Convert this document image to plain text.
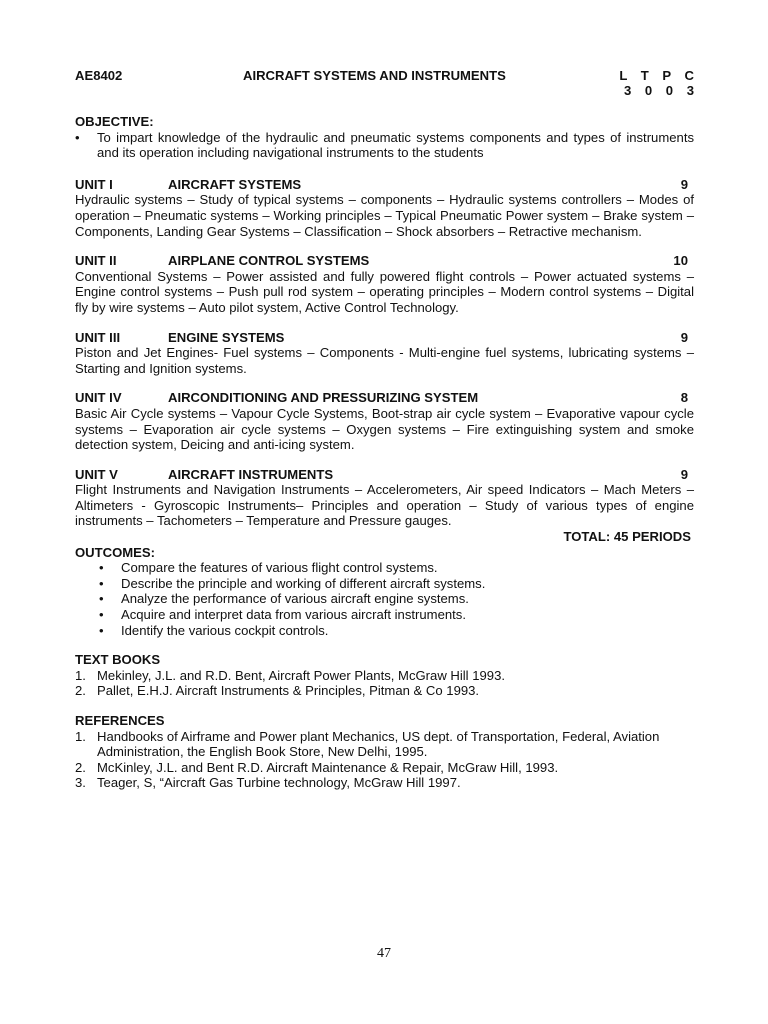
AE8402	AIRCRAFT SYSTEMS AND INSTRUMENTS	L T P C
3 0 0 3
OBJECTIVE:
•	To impart knowledge of the hydraulic and pneumatic systems components and types of instruments and its operation including navigational instruments to the students
UNIT I	AIRCRAFT SYSTEMS	9
Hydraulic systems – Study of typical systems – components – Hydraulic systems controllers – Modes of operation – Pneumatic systems – Working principles – Typical Pneumatic Power system – Brake system – Components, Landing Gear Systems – Classification – Shock absorbers – Retractive mechanism.
UNIT II	AIRPLANE CONTROL SYSTEMS	10
Conventional Systems – Power assisted and fully powered flight controls – Power actuated systems – Engine control systems – Push pull rod system – operating principles – Modern control systems – Digital fly by wire systems – Auto pilot system, Active Control Technology.
UNIT III	ENGINE SYSTEMS	9
Piston and Jet Engines- Fuel systems – Components - Multi-engine fuel systems, lubricating systems – Starting and Ignition systems.
UNIT IV	AIRCONDITIONING AND PRESSURIZING SYSTEM	8
Basic Air Cycle systems – Vapour Cycle Systems, Boot-strap air cycle system – Evaporative vapour cycle systems – Evaporation air cycle systems – Oxygen systems – Fire extinguishing system and smoke detection system, Deicing and anti-icing system.
UNIT V	AIRCRAFT INSTRUMENTS	9
Flight Instruments and Navigation Instruments – Accelerometers, Air speed Indicators – Mach Meters – Altimeters - Gyroscopic Instruments– Principles and operation – Study of various types of engine instruments – Tachometers – Temperature and Pressure gauges.
TOTAL: 45 PERIODS
OUTCOMES:
•	Compare the features of various flight control systems.
•	Describe the principle and working of different aircraft systems.
•	Analyze the performance of various aircraft engine systems.
•	Acquire and interpret data from various aircraft instruments.
•	Identify the various cockpit controls.
TEXT BOOKS
1. Mekinley, J.L. and R.D. Bent, Aircraft Power Plants, McGraw Hill 1993.
2. Pallet, E.H.J. Aircraft Instruments & Principles, Pitman & Co 1993.
REFERENCES
1. Handbooks of Airframe and Power plant Mechanics, US dept. of Transportation, Federal, Aviation Administration, the English Book Store, New Delhi, 1995.
2. McKinley, J.L. and Bent R.D. Aircraft Maintenance & Repair, McGraw Hill, 1993.
3. Teager, S, “Aircraft Gas Turbine technology, McGraw Hill 1997.
47
